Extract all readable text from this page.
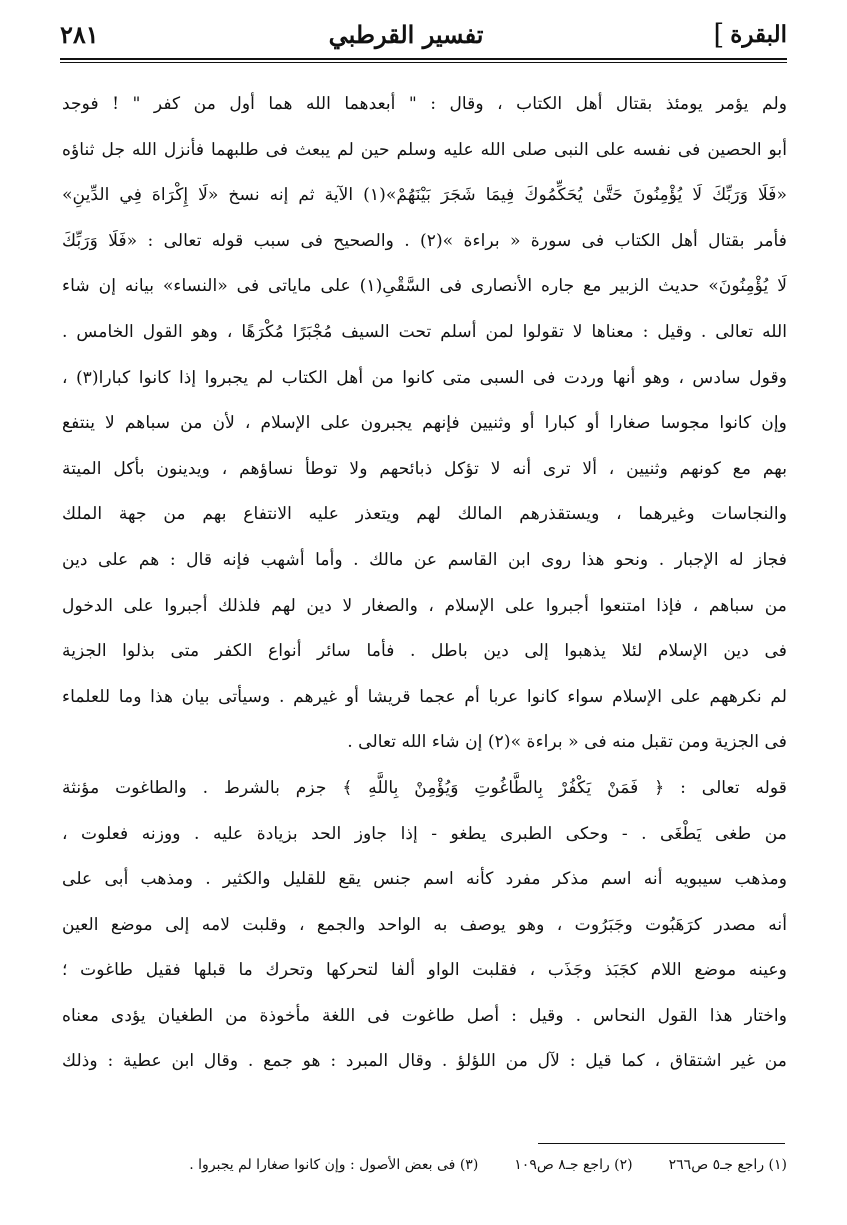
البقرة
]
تفسير القرطبي
٢٨١
ولم يؤمر يومئذ بقتال أهل الكتاب ، وقال : " أبعدهما الله هما أول من كفر " ! فوجد
أبو الحصين فى نفسه على النبى صلى الله عليه وسلم حين لم يبعث فى طلبهما فأنزل الله جل ثناؤه
«فَلَا وَرَبِّكَ لَا يُؤْمِنُونَ حَتَّىٰ يُحَكِّمُوكَ فِيمَا شَجَرَ بَيْنَهُمْ»(١) الآية ثم إنه نسخ «لَا إِكْرَاهَ فِي الدِّينِ»
فأمر بقتال أهل الكتاب فى سورة « براءة »(٢) . والصحيح فى سبب قوله تعالى : «فَلَا وَرَبِّكَ
لَا يُؤْمِنُونَ» حديث الزبير مع جاره الأنصارى فى السَّقْىِ(١) على ماياتى فى «النساء» بيانه إن شاء
الله تعالى . وقيل : معناها لا تقولوا لمن أسلم تحت السيف مُجْبَرًا مُكْرَهًا ، وهو القول الخامس .
وقول سادس ، وهو أنها وردت فى السبى متى كانوا من أهل الكتاب لم يجبروا إذا كانوا كبارا(٣) ،
وإن كانوا مجوسا صغارا أو كبارا أو وثنيين فإنهم يجبرون على الإسلام ، لأن من سباهم لا ينتفع
بهم مع كونهم وثنيين ، ألا ترى أنه لا تؤكل ذبائحهم ولا توطأ نساؤهم ، ويدينون بأكل الميتة
والنجاسات وغيرهما ، ويستقذرهم المالك لهم ويتعذر عليه الانتفاع بهم من جهة الملك
فجاز له الإجبار . ونحو هذا روى ابن القاسم عن مالك . وأما أشهب فإنه قال : هم على دين
من سباهم ، فإذا امتنعوا أجبروا على الإسلام ، والصغار لا دين لهم فلذلك أجبروا على الدخول
فى دين الإسلام لئلا يذهبوا إلى دين باطل . فأما سائر أنواع الكفر متى بذلوا الجزية
لم نكرههم على الإسلام سواء كانوا عربا أم عجما قريشا أو غيرهم . وسيأتى بيان هذا وما للعلماء
فى الجزية ومن تقبل منه فى « براءة »(٢) إن شاء الله تعالى .
قوله تعالى : ﴿ فَمَنْ يَكْفُرْ بِالطَّاغُوتِ وَيُؤْمِنْ بِاللَّهِ ﴾ جزم بالشرط . والطاغوت مؤنثة
من طغى يَطْغَى . - وحكى الطبرى يطغو - إذا جاوز الحد بزيادة عليه . ووزنه فعلوت ،
ومذهب سيبويه أنه اسم مذكر مفرد كأنه اسم جنس يقع للقليل والكثير . ومذهب أبى على
أنه مصدر كرَهَبُوت وجَبَرُوت ، وهو يوصف به الواحد والجمع ، وقلبت لامه إلى موضع العين
وعينه موضع اللام كجَبَذ وجَذَب ، فقلبت الواو ألفا لتحركها وتحرك ما قبلها فقيل طاغوت ؛
واختار هذا القول النحاس . وقيل : أصل طاغوت فى اللغة مأخوذة من الطغيان يؤدى معناه
من غير اشتقاق ، كما قيل : لآل من اللؤلؤ . وقال المبرد : هو جمع . وقال ابن عطية : وذلك
(١) راجع جـ٥ ص٢٦٦
(٢) راجع جـ٨ ص١٠٩
(٣) فى بعض الأصول : وإن كانوا صغارا لم يجبروا .
